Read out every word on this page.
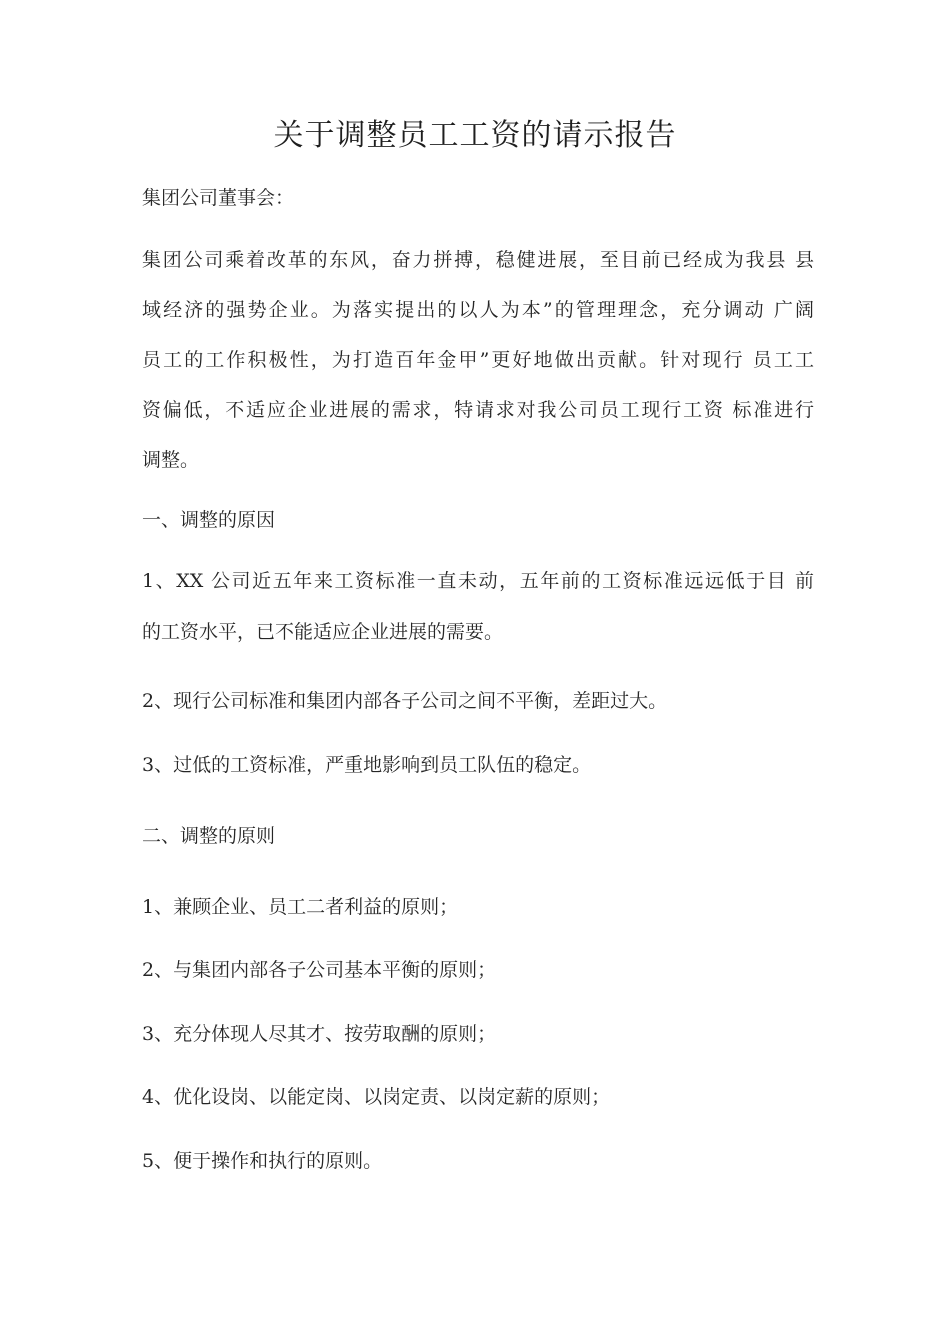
关于调整员工工资的请示报告
集团公司董事会：
集团公司乘着改革的东风，奋力拼搏，稳健进展，至目前已经成为我县 县
域经济的强势企业。为落实提出的以人为本”的管理理念，充分调动 广阔
员工的工作积极性，为打造百年金甲”更好地做出贡献。针对现行 员工工
资偏低，不适应企业进展的需求，特请求对我公司员工现行工资 标准进行
调整。
一、调整的原因
1、XX 公司近五年来工资标准一直未动，五年前的工资标准远远低于目 前
的工资水平，已不能适应企业进展的需要。
2、现行公司标准和集团内部各子公司之间不平衡，差距过大。
3、过低的工资标准，严重地影响到员工队伍的稳定。
二、调整的原则
1、兼顾企业、员工二者利益的原则；
2、与集团内部各子公司基本平衡的原则；
3、充分体现人尽其才、按劳取酬的原则；
4、优化设岗、以能定岗、以岗定责、以岗定薪的原则；
5、便于操作和执行的原则。
